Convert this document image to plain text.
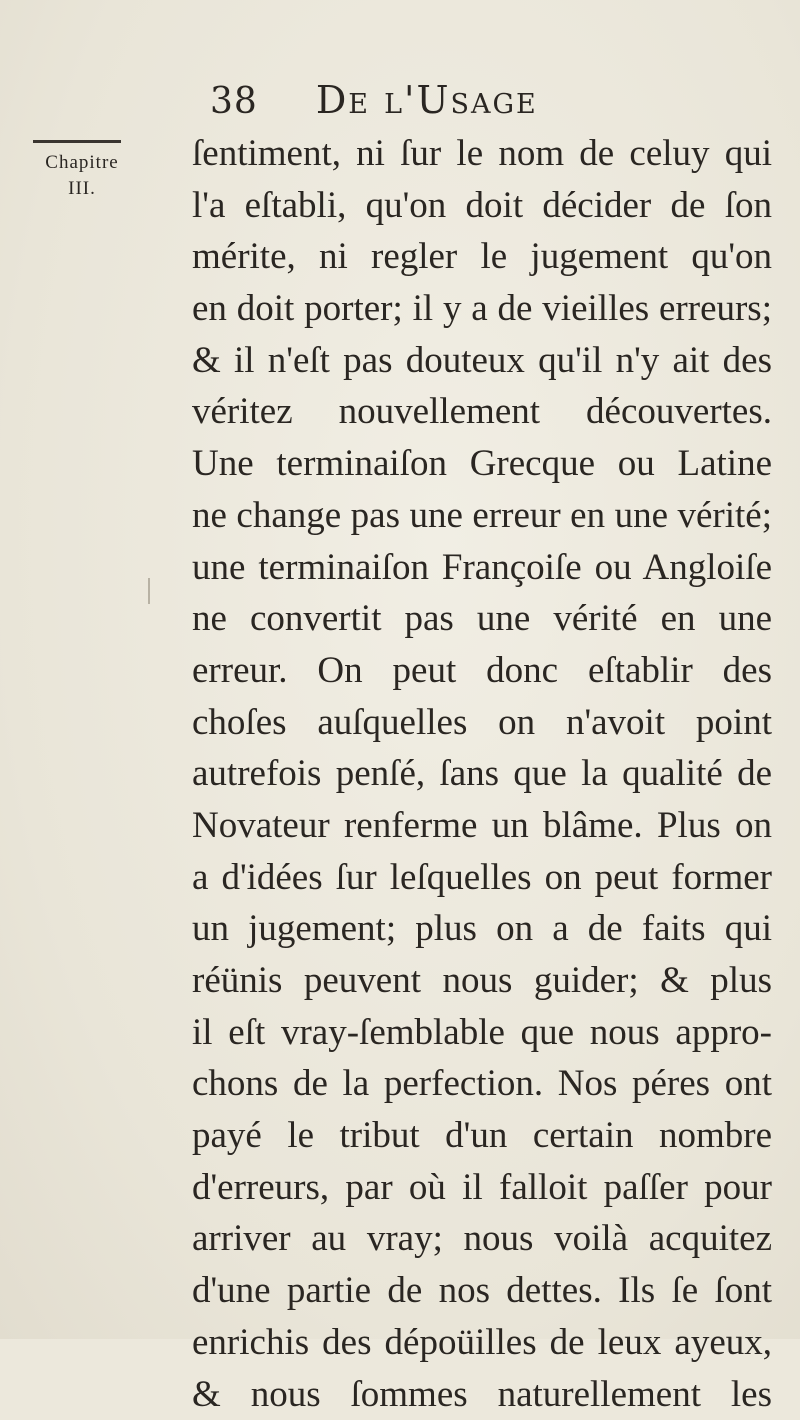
38 De l'Usage
Chapitre
III.
ſentiment, ni ſur le nom de celuy qui
l'a eſtabli, qu'on doit décider de ſon
mérite, ni regler le jugement qu'on
en doit porter; il y a de vieilles erreurs;
& il n'eſt pas douteux qu'il n'y ait des
véritez nouvellement découvertes.
Une terminaiſon Grecque ou Latine
ne change pas une erreur en une vérité;
une terminaiſon Françoiſe ou Angloiſe
ne convertit pas une vérité en une
erreur. On peut donc eſtablir des
choſes auſquelles on n'avoit point
autrefois penſé, ſans que la qualité de
Novateur renferme un blâme. Plus on
a d'idées ſur leſquelles on peut former
un jugement; plus on a de faits qui
réünis peuvent nous guider; & plus
il eſt vray-ſemblable que nous appro-
chons de la perfection. Nos péres ont
payé le tribut d'un certain nombre
d'erreurs, par où il falloit paſſer pour
arriver au vray; nous voilà acquitez
d'une partie de nos dettes. Ils ſe ſont
enrichis des dépoüilles de leux ayeux,
& nous ſommes naturellement les
